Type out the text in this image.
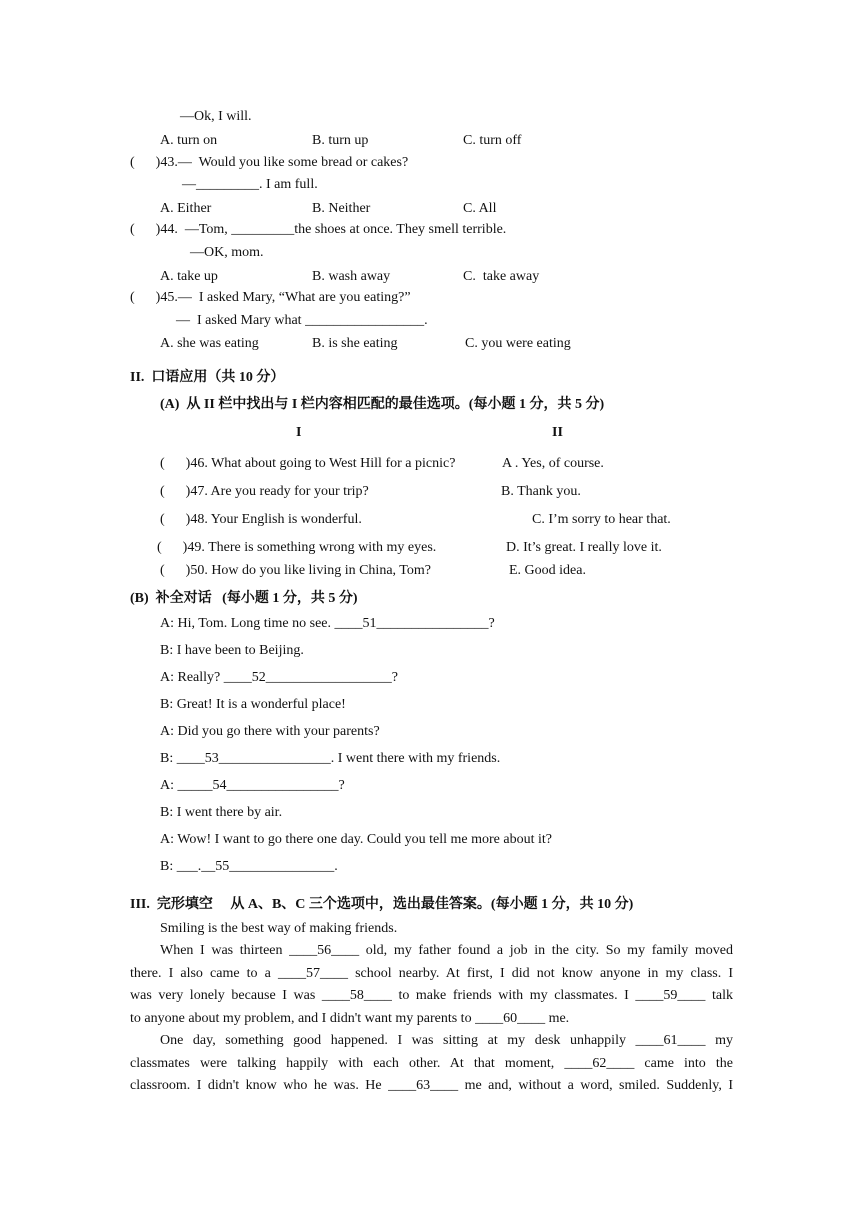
—Ok, I will.
A. turn on	B. turn up	C. turn off
(      )43.—  Would you like some bread or cakes?
—_________. I am full.
A. Either	B. Neither	C. All
(      )44.  —Tom, _________the shoes at once. They smell terrible.
—OK, mom.
A. take up	B. wash away	C.  take away
(      )45.—  I asked Mary, “What are you eating?”
—  I asked Mary what _________________.
A. she was eating	B. is she eating	C. you were eating
II.  口语应用（共 10 分）
(A)  从 II 栏中找出与 I 栏内容相匹配的最佳选项。(每小题 1 分，共 5 分)
I	II
(      )46. What about going to West Hill for a picnic?	A . Yes, of course.
(      )47. Are you ready for your trip?	B. Thank you.
(      )48. Your English is wonderful.	C. I’m sorry to hear that.
(      )49. There is something wrong with my eyes.	D. It’s great. I really love it.
(      )50. How do you like living in China, Tom?	E. Good idea.
(B)  补全对话   (每小题 1 分，共 5 分)
A: Hi, Tom. Long time no see. ____51________________?
B: I have been to Beijing.
A: Really? ____52__________________?
B: Great! It is a wonderful place!
A: Did you go there with your parents?
B: ____53________________. I went there with my friends.
A: _____54________________?
B: I went there by air.
A: Wow! I want to go there one day. Could you tell me more about it?
B: ___.__55_______________.
III.  完形填空     从 A、B、C 三个选项中，选出最佳答案。(每小题 1 分，共 10 分)
Smiling is the best way of making friends.
When I was thirteen ____56____ old, my father found a job in the city. So my family moved
there. I also came to a ____57____ school nearby. At first, I did not know anyone in my class. I
was very lonely because I was ____58____ to make friends with my classmates. I ____59____ talk
to anyone about my problem, and I didn't want my parents to ____60____ me.
One day, something good happened. I was sitting at my desk unhappily ____61____ my
classmates were talking happily with each other. At that moment, ____62____ came into the
classroom. I didn't know who he was. He ____63____ me and, without a word, smiled. Suddenly, I
